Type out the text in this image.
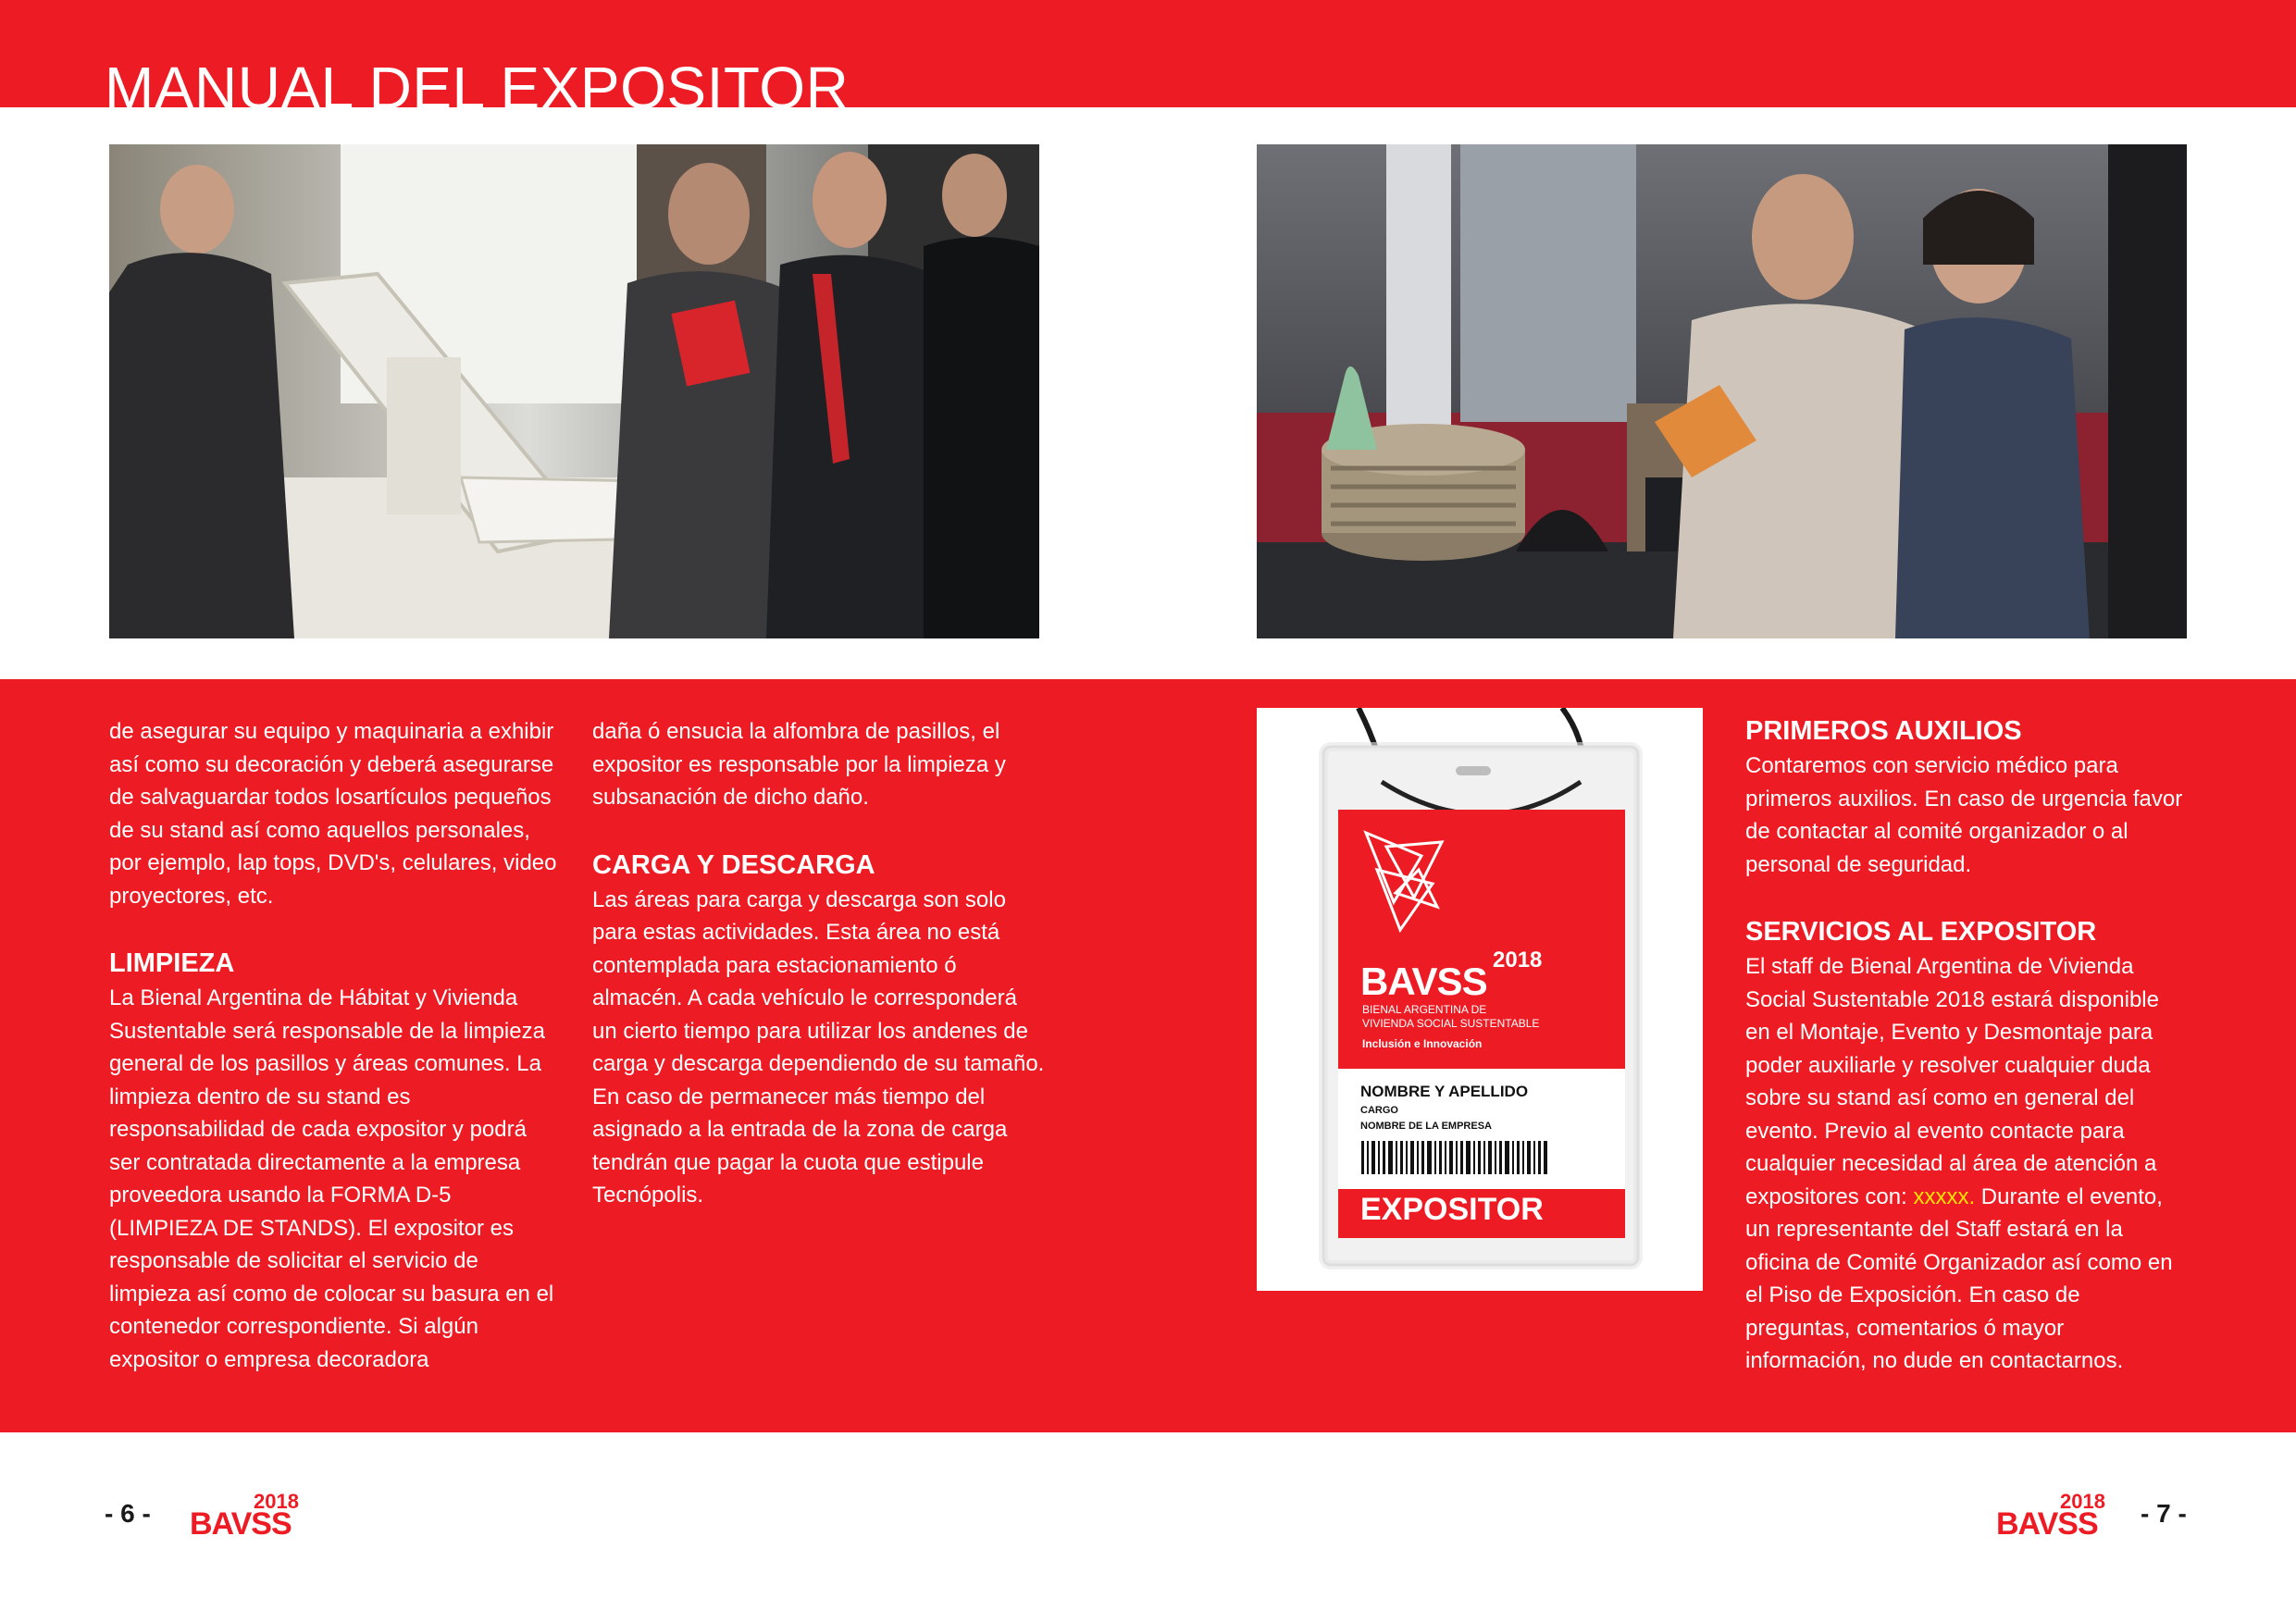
MANUAL DEL EXPOSITOR

de asegurar su equipo y maquinaria a exhibir así como su decoración y deberá asegurarse de salvaguardar todos losartículos pequeños de su stand así como aquellos personales, por ejemplo, lap tops, DVD's, celulares, video proyectores, etc.

LIMPIEZA

La Bienal Argentina de Hábitat y Vivienda Sustentable será responsable de la limpieza general de los pasillos y áreas comunes. La limpieza dentro de su stand es responsabilidad de cada expositor y podrá ser contratada directamente a la empresa proveedora usando la FORMA D-5 (LIMPIEZA DE STANDS). El expositor es responsable de solicitar el servicio de limpieza así como de colocar su basura en el contenedor correspondiente. Si algún expositor o empresa decoradora

daña ó ensucia la alfombra de pasillos, el expositor es responsable por la limpieza y subsanación de dicho daño.

CARGA Y DESCARGA

Las áreas para carga y descarga son solo para estas actividades. Esta área no está contemplada para estacionamiento ó almacén. A cada vehículo le corresponderá un cierto tiempo para utilizar los andenes de carga y descarga dependiendo de su tamaño. En caso de permanecer más tiempo del asignado a la entrada de la zona de carga tendrán que pagar la cuota que estipule Tecnópolis.

2018
BAVSS
BIENAL ARGENTINA DE
VIVIENDA SOCIAL SUSTENTABLE
Inclusión e Innovación
NOMBRE Y APELLIDO
CARGO
NOMBRE DE LA EMPRESA
EXPOSITOR
PRIMEROS AUXILIOS

Contaremos con servicio médico para primeros auxilios. En caso de urgencia favor de contactar al comité organizador o al personal de seguridad.

SERVICIOS AL EXPOSITOR

El staff de Bienal Argentina de Vivienda Social Sustentable 2018 estará disponible en el Montaje, Evento y Desmontaje para poder auxiliarle y resolver cualquier duda sobre su stand así como en general del evento. Previo al evento contacte para cualquier necesidad al área de atención a expositores con: xxxxx. Durante el evento, un representante del Staff estará en la oficina de Comité Organizador así como en el Piso de Exposición. En caso de preguntas, comentarios ó mayor información, no dude en contactarnos.

- 6 -	2018
BAVSS
2018
BAVSS - 7 -
